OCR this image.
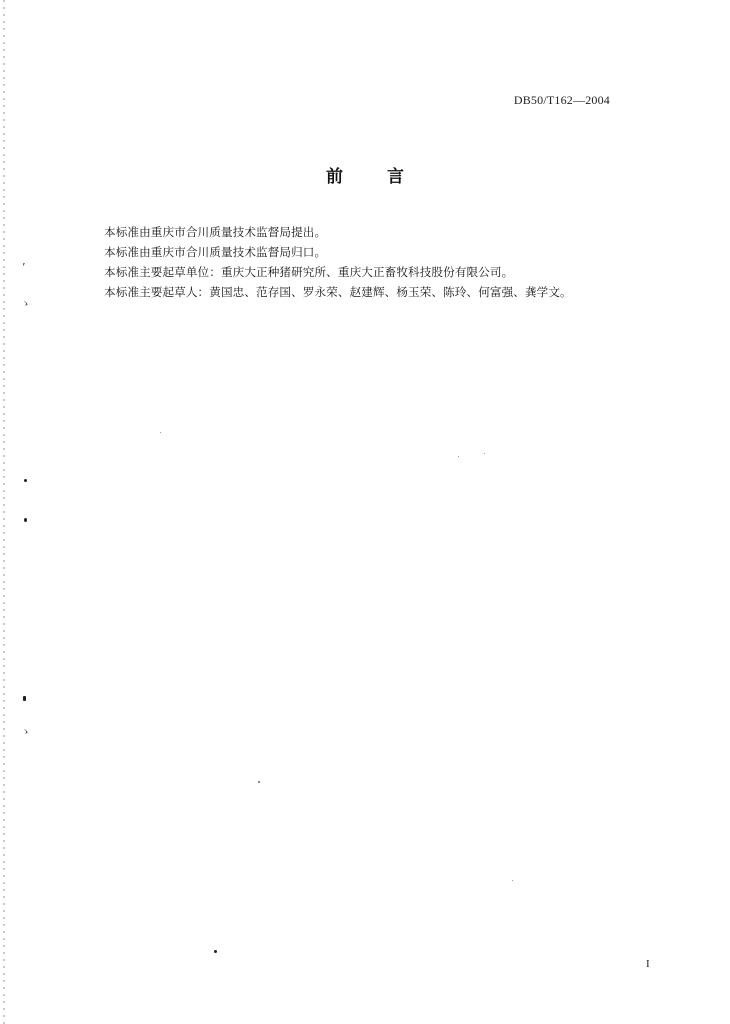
DB50/T162—2004
前	言
本标准由重庆市合川质量技术监督局提出。
本标准由重庆市合川质量技术监督局归口。
本标准主要起草单位：重庆大正种猪研究所、重庆大正畜牧科技股份有限公司。
本标准主要起草人：黄国忠、范存国、罗永荣、赵建辉、杨玉荣、陈玲、何富强、龚学文。
’
ゝ
ゝ
I
